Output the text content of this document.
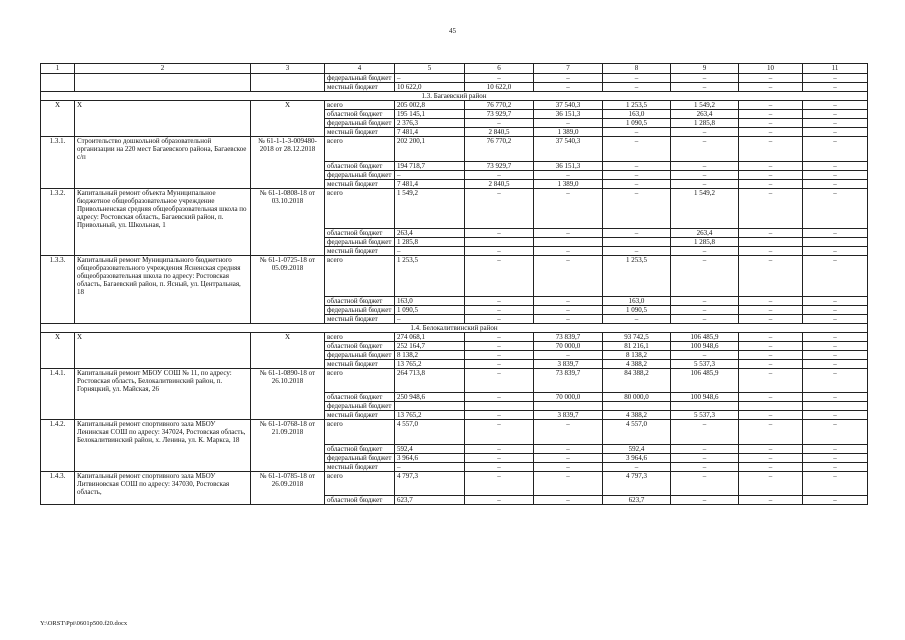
45
1	2	3	4	5	6	7	8	9	10	11
			федеральный бюджет	–	–	–	–	–	–	–
			местный бюджет	10 622,0	10 622,0	–	–	–	–	–
1.3. Багаевский район										
X	X	X	всего	205 002,8	76 770,2	37 540,3	1 253,5	1 549,2	–	–
			областной бюджет	195 145,1	73 929,7	36 151,3	163,0	263,4	–	–
			федеральный бюджет	2 376,3	–	–	1 090,5	1 285,8	–	–
			местный бюджет	7 481,4	2 840,5	1 389,0	–	–	–	–
1.3.1.	Строительство дошкольной образовательной организации на 220 мест Багаевского района, Багаевское с/п	№ 61-1-1-3-009480-2018 от 28.12.2018	всего	202 200,1	76 770,2	37 540,3	–	–	–	–
			областной бюджет	194 718,7	73 929,7	36 151,3	–	–	–	–
			федеральный бюджет	–	–	–	–	–	–	–
			местный бюджет	7 481,4	2 840,5	1 389,0	–	–	–	–
1.3.2.	Капитальный ремонт объекта Муниципальное бюджетное общеобразовательное учреждение Привольненская средняя общеобразовательная школа по адресу: Ростовская область, Багаевский район, п. Привольный, ул. Школьная, 1	№ 61-1-0808-18 от 03.10.2018	всего	1 549,2	–	–	–	1 549,2	–	–
			областной бюджет	263,4	–	–	–	263,4	–	–
			федеральный бюджет	1 285,8				1 285,8		
			местный бюджет	–	–	–	–	–	–	–
1.3.3.	Капитальный ремонт Муниципального бюджетного общеобразовательного учреждения Ясненская средняя общеобразовательная школа по адресу: Ростовская область, Багаевский район, п. Ясный, ул. Центральная, 18	№ 61-1-0725-18 от 05.09.2018	всего	1 253,5	–	–	1 253,5	–	–	–
			областной бюджет	163,0	–	–	163,0	–	–	–
			федеральный бюджет	1 090,5	–	–	1 090,5	–	–	–
			местный бюджет	–	–	–	–	–	–	–
1.4. Белокалитвинский район										
X	X	X	всего	274 068,1	–	73 839,7	93 742,5	106 485,9	–	–
			областной бюджет	252 164,7	–	70 000,0	81 216,1	100 948,6	–	–
			федеральный бюджет	8 138,2	–	–	8 138,2	–	–	–
			местный бюджет	13 765,2	–	3 839,7	4 388,2	5 537,3	–	–
1.4.1.	Капитальный ремонт МБОУ СОШ № 11, по адресу: Ростовская область, Белокалитвинский район, п. Горняцкий, ул. Майская, 26	№ 61-1-0890-18 от 26.10.2018	всего	264 713,8	–	73 839,7	84 388,2	106 485,9	–	–
			областной бюджет	250 948,6	–	70 000,0	80 000,0	100 948,6	–	–
			федеральный бюджет							
			местный бюджет	13 765,2	–	3 839,7	4 388,2	5 537,3	–	–
1.4.2.	Капитальный ремонт спортивного зала МБОУ Ленинская СОШ по адресу: 347024, Ростовская область, Белокалитвинский район, х. Ленина, ул. К. Маркса, 18	№ 61-1-0768-18 от 21.09.2018	всего	4 557,0	–	–	4 557,0	–	–	–
			областной бюджет	592,4	–	–	592,4	–	–	–
			федеральный бюджет	3 964,6	–	–	3 964,6	–	–	–
			местный бюджет	–	–	–	–	–	–	–
1.4.3.	Капитальный ремонт спортивного зала МБОУ Литвиновская СОШ по адресу: 347030, Ростовская область,	№ 61-1-0785-18 от 26.09.2018	всего	4 797,3	–	–	4 797,3	–	–	–
			областной бюджет	623,7	–	–	623,7	–	–	–
Y:\ORST\Ppi\0601p500.f20.docx
